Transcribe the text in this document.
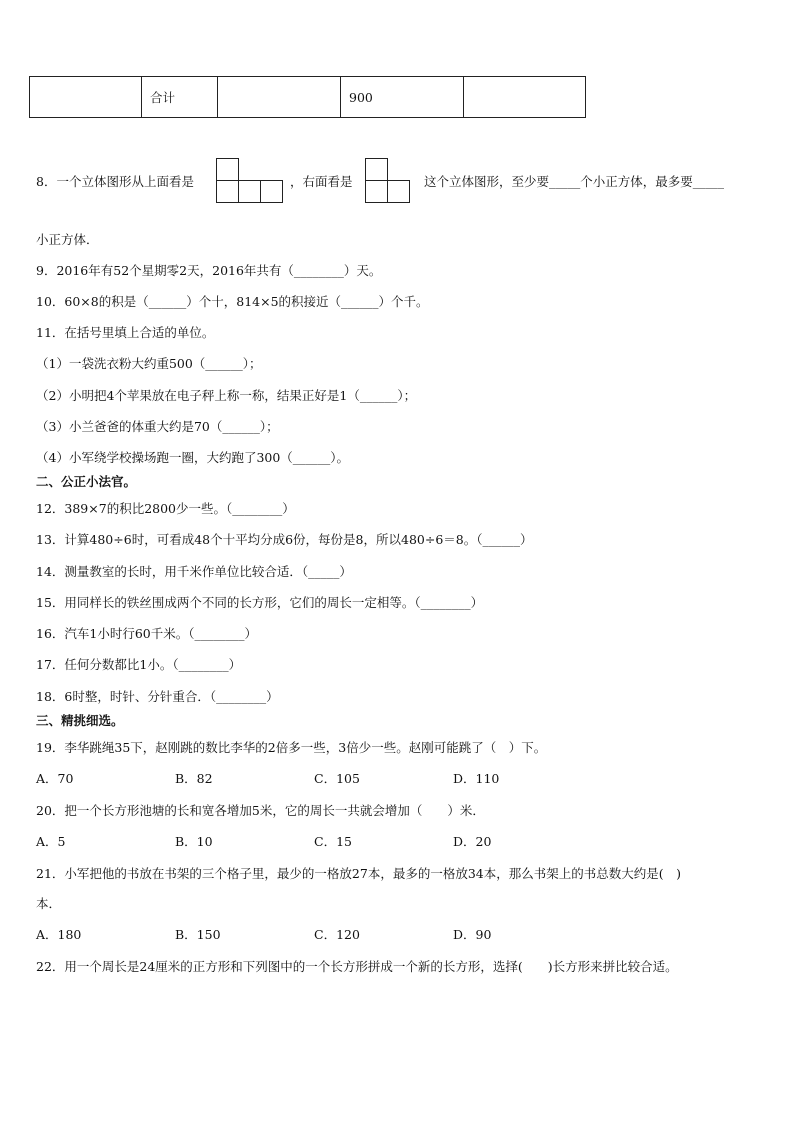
	合计		900	
8．一个立体图形从上面看是	，右面看是	这个立体图形，至少要_____个小正方体，最多要_____
小正方体．
9．2016年有52个星期零2天，2016年共有（________）天。
10．60×8的积是（______）个十，814×5的积接近（______）个千。
11．在括号里填上合适的单位。
（1）一袋洗衣粉大约重500（______）；
（2）小明把4个苹果放在电子秤上称一称，结果正好是1（______）；
（3）小兰爸爸的体重大约是70（______）；
（4）小军绕学校操场跑一圈，大约跑了300（______）。
二、公正小法官。
12．389×7的积比2800少一些。（________）
13．计算480÷6时，可看成48个十平均分成6份，每份是8，所以480÷6＝8。（______）
14．测量教室的长时，用千米作单位比较合适．（_____）
15．用同样长的铁丝围成两个不同的长方形，它们的周长一定相等。（________）
16．汽车1小时行60千米。（________）
17．任何分数都比1小。（________）
18．6时整，时针、分针重合．（________）
三、精挑细选。
19．李华跳绳35下，赵刚跳的数比李华的2倍多一些，3倍少一些。赵刚可能跳了（　）下。
A．70	B．82	C．105	D．110
20．把一个长方形池塘的长和宽各增加5米，它的周长一共就会增加（　　）米．
A．5	B．10	C．15	D．20
21．小军把他的书放在书架的三个格子里，最少的一格放27本，最多的一格放34本，那么书架上的书总数大约是(　)
本．
A．180	B．150	C．120	D．90
22．用一个周长是24厘米的正方形和下列图中的一个长方形拼成一个新的长方形，选择(　　)长方形来拼比较合适。
